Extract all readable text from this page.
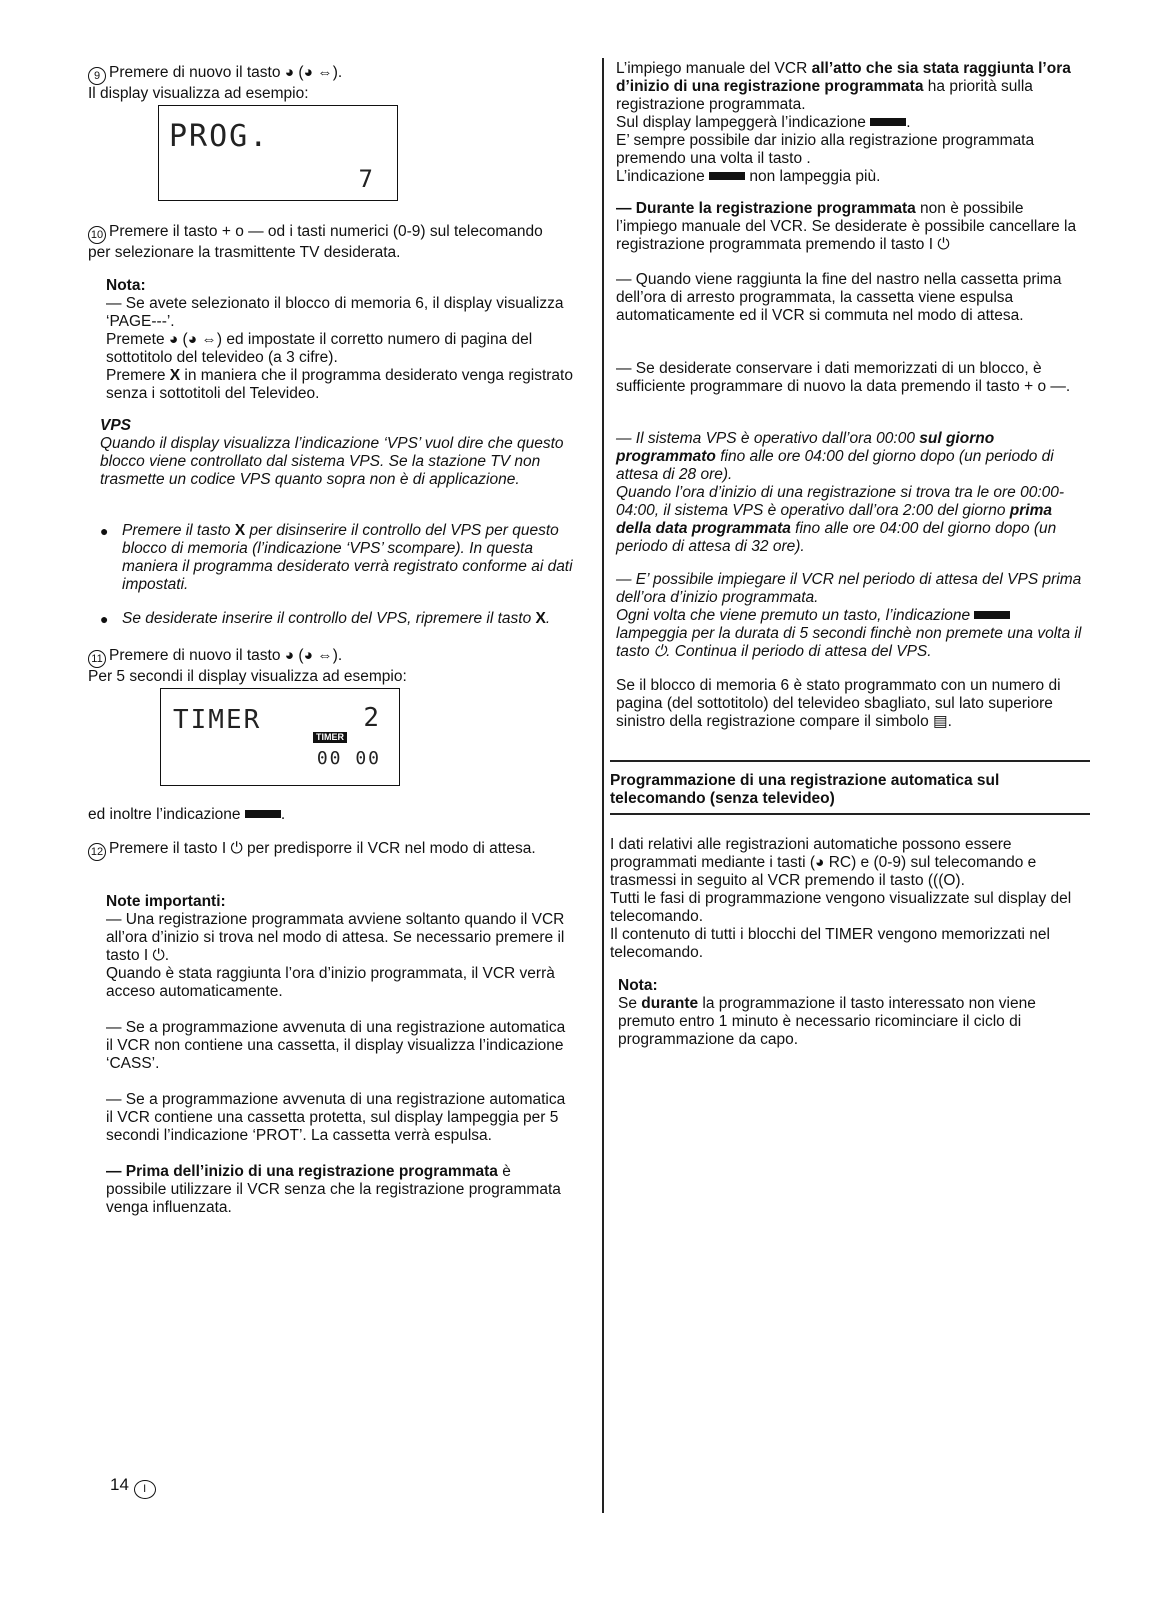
9 Premere di nuovo il tasto ◕ (◕ ⇔).

Il display visualizza ad esempio:

PROG.
7

10 Premere il tasto + o — od i tasti numerici (0-9) sul telecomando per selezionare la trasmittente TV desiderata.

Nota:

— Se avete selezionato il blocco di memoria 6, il display visualizza ‘PAGE---’.

Premete ◕ (◕ ⇔) ed impostate il corretto numero di pagina del sottotitolo del televideo (a 3 cifre).

Premere X in maniera che il programma desiderato venga registrato senza i sottotitoli del Televideo.

VPS

Quando il display visualizza l’indicazione ‘VPS’ vuol dire che questo blocco viene controllato dal sistema VPS. Se la stazione TV non trasmette un codice VPS quanto sopra non è di applicazione.

● Premere il tasto X per disinserire il controllo del VPS per questo blocco di memoria (l’indicazione ‘VPS’ scompare). In questa maniera il programma desiderato verrà registrato conforme ai dati impostati.

● Se desiderate inserire il controllo del VPS, ripremere il tasto X.

11 Premere di nuovo il tasto ◕ (◕ ⇔).

Per 5 secondi il display visualizza ad esempio:

TIMER	2
TIMER
00 00

ed inoltre l’indicazione	.

12 Premere il tasto I ⏻ per predisporre il VCR nel modo di attesa.

Note importanti:

— Una registrazione programmata avviene soltanto quando il VCR all’ora d’inizio si trova nel modo di attesa. Se necessario premere il tasto I ⏻.

Quando è stata raggiunta l’ora d’inizio programmata, il VCR verrà acceso automaticamente.

— Se a programmazione avvenuta di una registrazione automatica il VCR non contiene una cassetta, il display visualizza l’indicazione ‘CASS’.

— Se a programmazione avvenuta di una registrazione automatica il VCR contiene una cassetta protetta, sul display lampeggia per 5 secondi l’indicazione ‘PROT’. La cassetta verrà espulsa.

— Prima dell’inizio di una registrazione programmata è possibile utilizzare il VCR senza che la registrazione programmata venga influenzata.

14 I

L’impiego manuale del VCR all’atto che sia stata raggiunta l’ora d’inizio di una registrazione programmata ha priorità sulla registrazione programmata.

Sul display lampeggerà l’indicazione	.

E’ sempre possibile dar inizio alla registrazione programmata premendo una volta il tasto .

L’indicazione	non lampeggia più.

— Durante la registrazione programmata non è possibile l’impiego manuale del VCR. Se desiderate è possibile cancellare la registrazione programmata premendo il tasto I ⏻

— Quando viene raggiunta la fine del nastro nella cassetta prima dell’ora di arresto programmata, la cassetta viene espulsa automaticamente ed il VCR si commuta nel modo di attesa.

— Se desiderate conservare i dati memorizzati di un blocco, è sufficiente programmare di nuovo la data premendo il tasto + o —.

— Il sistema VPS è operativo dall’ora 00:00 sul giorno programmato fino alle ore 04:00 del giorno dopo (un periodo di attesa di 28 ore).

Quando l’ora d’inizio di una registrazione si trova tra le ore 00:00-04:00, il sistema VPS è operativo dall’ora 2:00 del giorno prima della data programmata fino alle ore 04:00 del giorno dopo (un periodo di attesa di 32 ore).

— E’ possibile impiegare il VCR nel periodo di attesa del VPS prima dell’ora d’inizio programmata.

Ogni volta che viene premuto un tasto, l’indicazione  lampeggia per la durata di 5 secondi finchè non premete una volta il tasto ⏻. Continua il periodo di attesa del VPS.

Se il blocco di memoria 6 è stato programmato con un numero di pagina (del sottotitolo) del televideo sbagliato, sul lato superiore sinistro della registrazione compare il simbolo ▤.

Programmazione di una registrazione automatica sul telecomando (senza televideo)

I dati relativi alle registrazioni automatiche possono essere programmati mediante i tasti (◕ RC) e (0-9) sul telecomando e trasmessi in seguito al VCR premendo il tasto (((O).

Tutti le fasi di programmazione vengono visualizzate sul display del telecomando.

Il contenuto di tutti i blocchi del TIMER vengono memorizzati nel telecomando.

Nota:

Se durante la programmazione il tasto interessato non viene premuto entro 1 minuto è necessario ricominciare il ciclo di programmazione da capo.
